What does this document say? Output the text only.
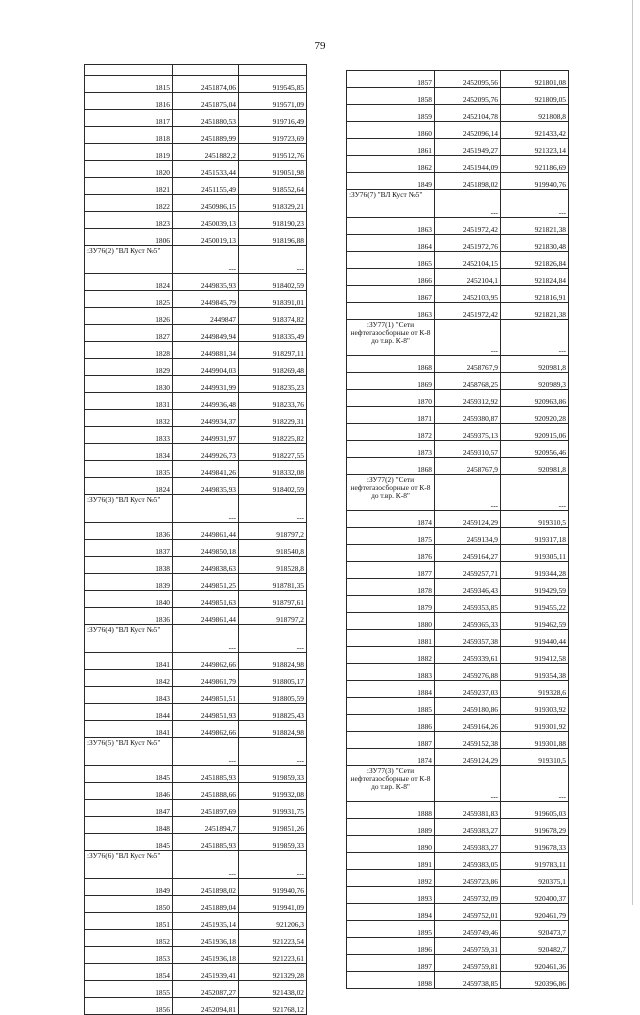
79

1815	2451874,06	919545,85
1816	2451875,04	919571,09
1817	2451880,53	919716,49
1818	2451889,99	919723,69
1819	2451882,2	919512,76
1820	2451533,44	919051,98
1821	2451155,49	918552,64
1822	2450986,15	918329,21
1823	2450039,13	918190,23
1806	2450019,13	918196,88
:ЗУ76(2) "ВЛ Куст №5"	---	---
1824	2449835,93	918402,59
1825	2449845,79	918391,01
1826	2449847	918374,82
1827	2449849,94	918335,49
1828	2449881,34	918297,11
1829	2449904,03	918269,48
1830	2449931,99	918235,23
1831	2449936,48	918233,76
1832	2449934,37	918229,31
1833	2449931,97	918225,82
1834	2449926,73	918227,55
1835	2449841,26	918332,08
1824	2449835,93	918402,59
:ЗУ76(3) "ВЛ Куст №5"	---	---
1836	2449861,44	918797,2
1837	2449850,18	918540,8
1838	2449838,63	918528,8
1839	2449851,25	918781,35
1840	2449851,63	918797,61
1836	2449861,44	918797,2
:ЗУ76(4) "ВЛ Куст №5"	---	---
1841	2449862,66	918824,98
1842	2449861,79	918805,17
1843	2449851,51	918805,59
1844	2449851,93	918825,43
1841	2449862,66	918824,98
:ЗУ76(5) "ВЛ Куст №5"	---	---
1845	2451885,93	919859,33
1846	2451888,66	919932,08
1847	2451897,69	919931,75
1848	2451894,7	919851,26
1845	2451885,93	919859,33
:ЗУ76(6) "ВЛ Куст №5"	---	---
1849	2451898,02	919940,76
1850	2451889,04	919941,09
1851	2451935,14	921206,3
1852	2451936,18	921223,54
1853	2451936,18	921223,61
1854	2451939,41	921329,28
1855	2452087,27	921438,02
1856	2452094,81	921768,12
1857	2452095,56	921801,08
1858	2452095,76	921809,05
1859	2452104,78	921808,8
1860	2452096,14	921433,42
1861	2451949,27	921323,14
1862	2451944,09	921186,69
1849	2451898,02	919940,76
:ЗУ76(7) "ВЛ Куст №5"	---	---
1863	2451972,42	921821,38
1864	2451972,76	921830,48
1865	2452104,15	921826,84
1866	2452104,1	921824,84
1867	2452103,95	921816,91
1863	2451972,42	921821,38
:ЗУ77(1) "Сети нефтегазосборные от К-8 до т.вр. К-8"	---	---
1868	2458767,9	920981,8
1869	2458768,25	920989,3
1870	2459312,92	920963,86
1871	2459380,87	920920,28
1872	2459375,13	920915,06
1873	2459310,57	920956,46
1868	2458767,9	920981,8
:ЗУ77(2) "Сети нефтегазосборные от К-8 до т.вр. К-8"	---	---
1874	2459124,29	919310,5
1875	2459134,9	919317,18
1876	2459164,27	919305,11
1877	2459257,71	919344,28
1878	2459346,43	919429,59
1879	2459353,85	919455,22
1880	2459365,33	919462,59
1881	2459357,38	919440,44
1882	2459339,61	919412,58
1883	2459276,88	919354,38
1884	2459237,03	919328,6
1885	2459180,86	919303,92
1886	2459164,26	919301,92
1887	2459152,38	919301,88
1874	2459124,29	919310,5
:ЗУ77(3) "Сети нефтегазосборные от К-8 до т.вр. К-8"	---	---
1888	2459381,83	919605,03
1889	2459383,27	919678,29
1890	2459383,27	919678,33
1891	2459383,05	919783,11
1892	2459723,86	920375,1
1893	2459732,09	920400,37
1894	2459752,01	920461,79
1895	2459749,46	920473,7
1896	2459759,31	920482,7
1897	2459759,81	920461,36
1898	2459738,85	920396,86
